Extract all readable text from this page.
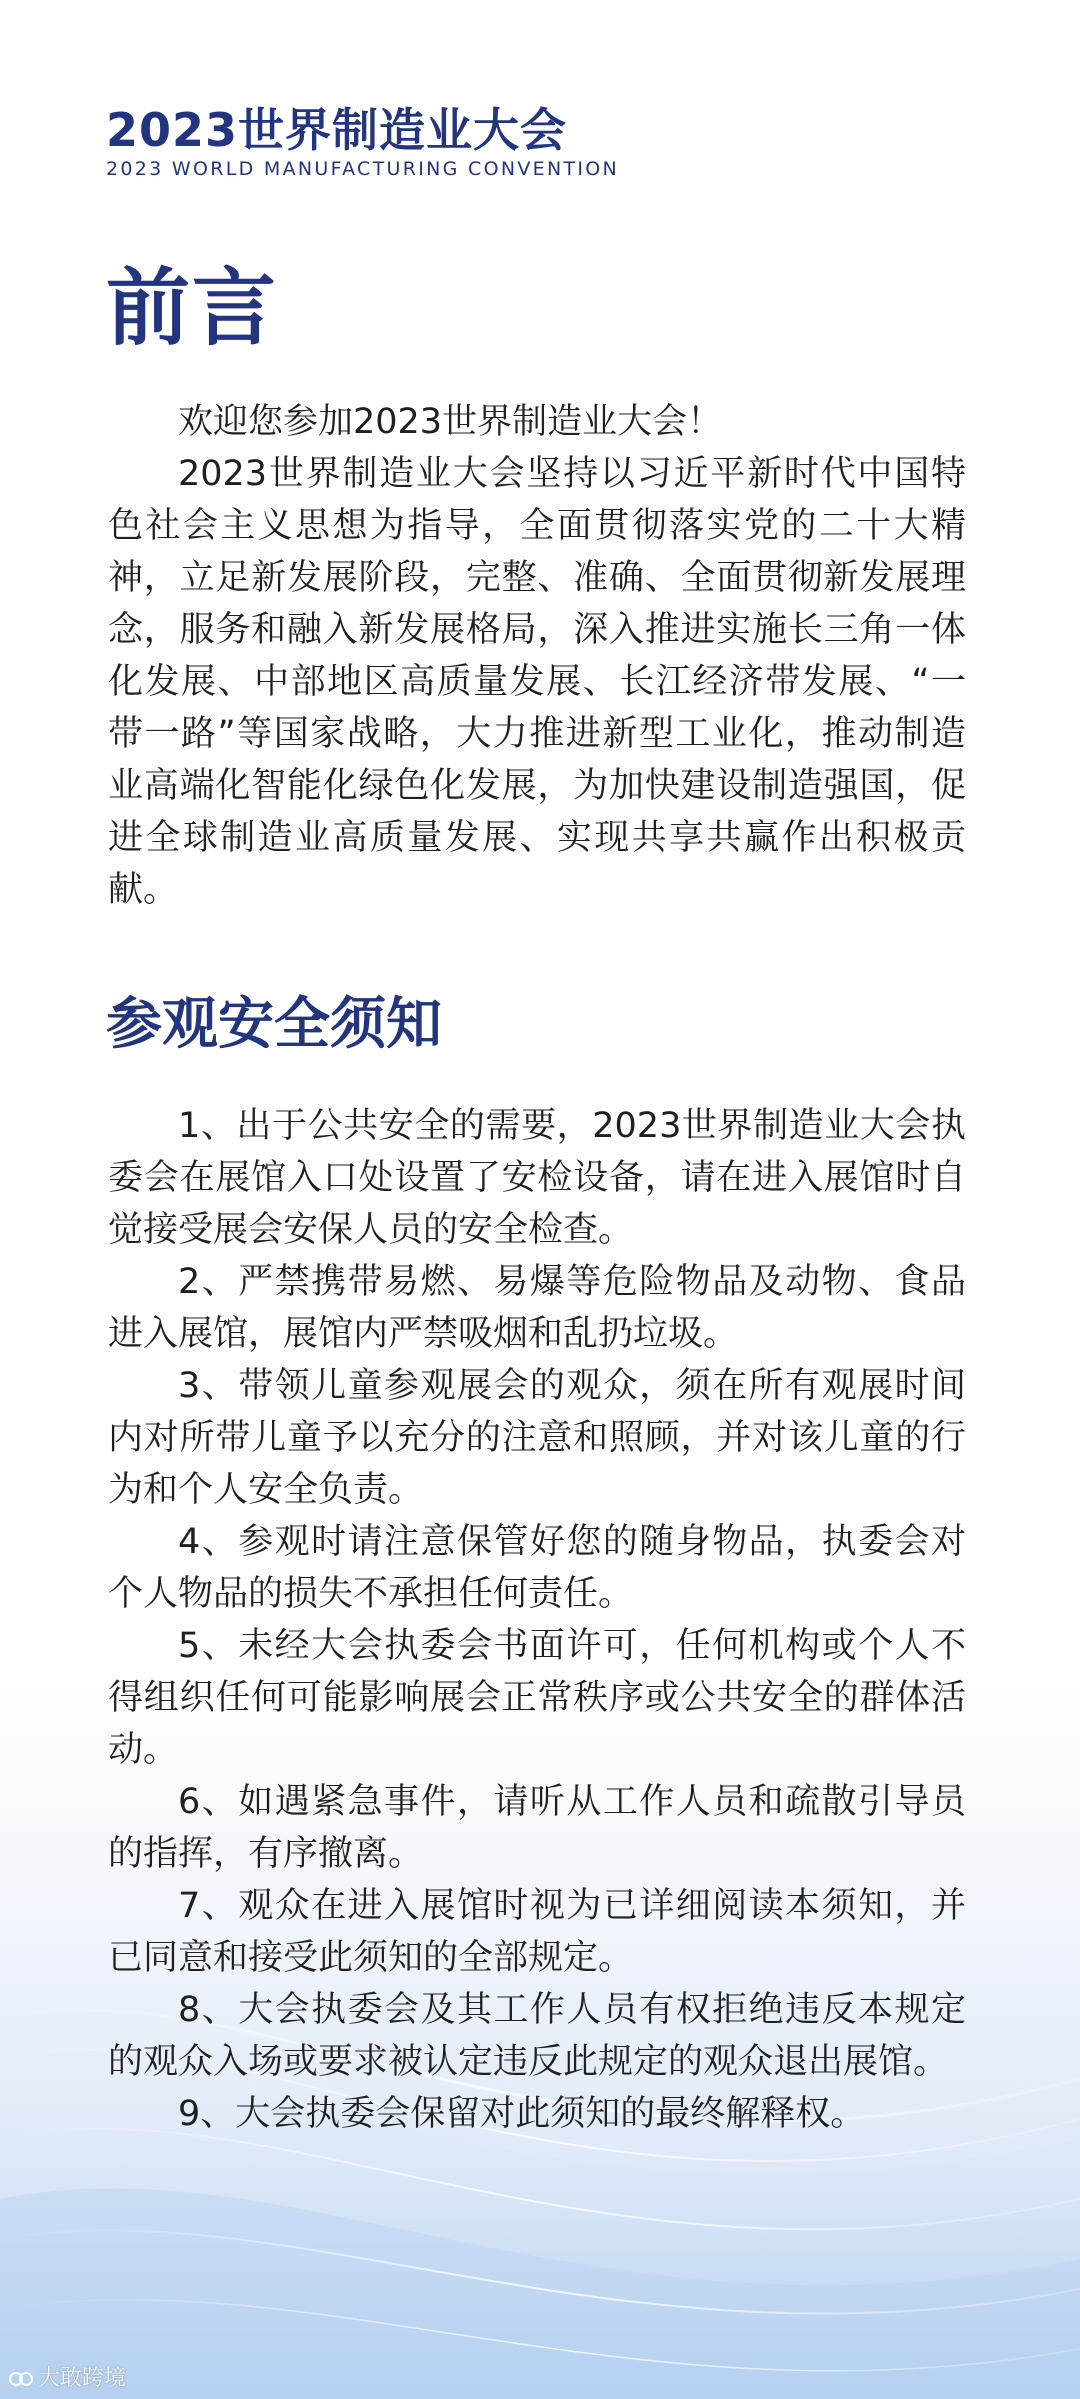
2023世界制造业大会
2023 WORLD MANUFACTURING CONVENTION
前言

欢迎您参加2023世界制造业大会！

2023世界制造业大会坚持以习近平新时代中国特色社会主义思想为指导，全面贯彻落实党的二十大精神，立足新发展阶段，完整、准确、全面贯彻新发展理念，服务和融入新发展格局，深入推进实施长三角一体化发展、中部地区高质量发展、长江经济带发展、“一带一路”等国家战略，大力推进新型工业化，推动制造业高端化智能化绿色化发展，为加快建设制造强国，促进全球制造业高质量发展、实现共享共赢作出积极贡献。

参观安全须知

1、出于公共安全的需要，2023世界制造业大会执委会在展馆入口处设置了安检设备，请在进入展馆时自觉接受展会安保人员的安全检查。

2、严禁携带易燃、易爆等危险物品及动物、食品进入展馆，展馆内严禁吸烟和乱扔垃圾。

3、带领儿童参观展会的观众，须在所有观展时间内对所带儿童予以充分的注意和照顾，并对该儿童的行为和个人安全负责。

4、参观时请注意保管好您的随身物品，执委会对个人物品的损失不承担任何责任。

5、未经大会执委会书面许可，任何机构或个人不得组织任何可能影响展会正常秩序或公共安全的群体活动。

6、如遇紧急事件，请听从工作人员和疏散引导员的指挥，有序撤离。

7、观众在进入展馆时视为已详细阅读本须知，并已同意和接受此须知的全部规定。

8、大会执委会及其工作人员有权拒绝违反本规定的观众入场或要求被认定违反此规定的观众退出展馆。

9、大会执委会保留对此须知的最终解释权。

大敢跨境
